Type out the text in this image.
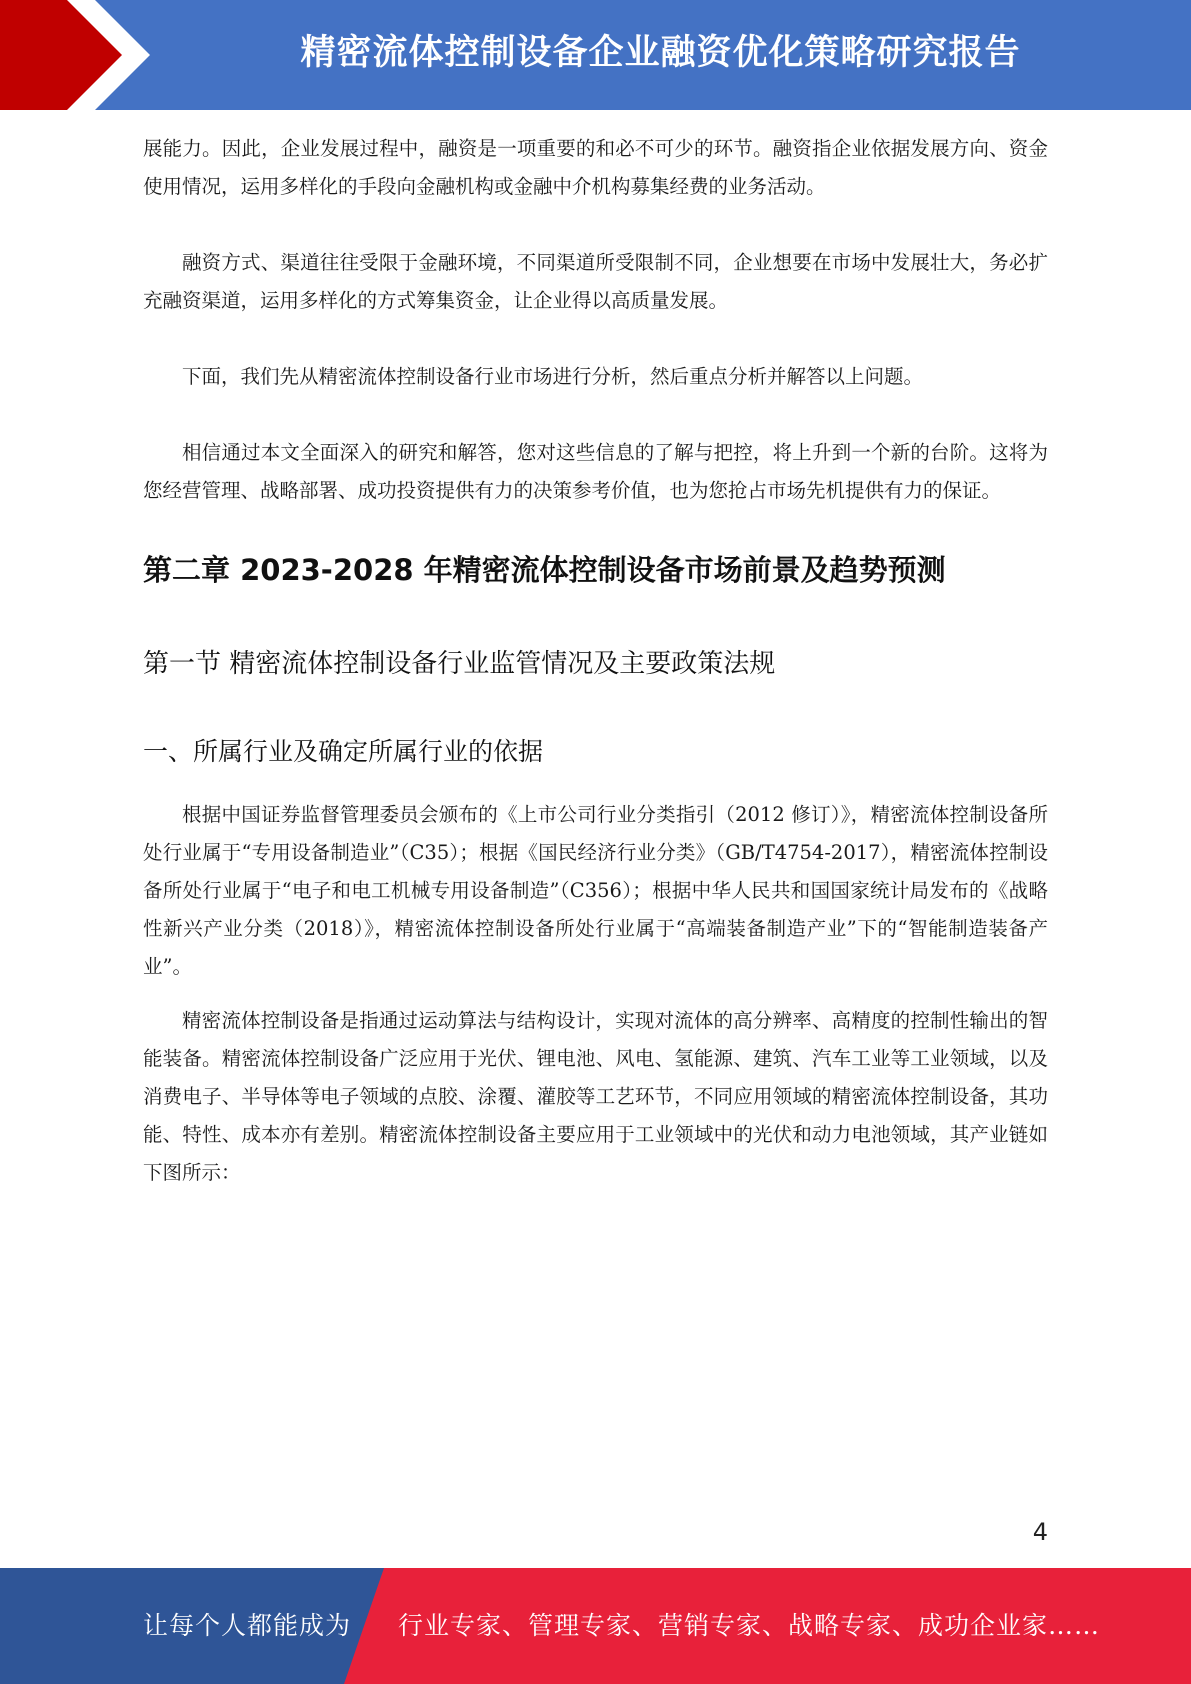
精密流体控制设备企业融资优化策略研究报告

展能力。因此，企业发展过程中，融资是一项重要的和必不可少的环节。融资指企业依据发展方向、资金使用情况，运用多样化的手段向金融机构或金融中介机构募集经费的业务活动。

融资方式、渠道往往受限于金融环境，不同渠道所受限制不同，企业想要在市场中发展壮大，务必扩充融资渠道，运用多样化的方式筹集资金，让企业得以高质量发展。

下面，我们先从精密流体控制设备行业市场进行分析，然后重点分析并解答以上问题。

相信通过本文全面深入的研究和解答，您对这些信息的了解与把控，将上升到一个新的台阶。这将为您经营管理、战略部署、成功投资提供有力的决策参考价值，也为您抢占市场先机提供有力的保证。

第二章 2023-2028 年精密流体控制设备市场前景及趋势预测
第一节 精密流体控制设备行业监管情况及主要政策法规
一、所属行业及确定所属行业的依据

根据中国证券监督管理委员会颁布的《上市公司行业分类指引（2012 修订）》，精密流体控制设备所处行业属于“专用设备制造业”（C35）；根据《国民经济行业分类》（GB/T4754-2017），精密流体控制设备所处行业属于“电子和电工机械专用设备制造”（C356）；根据中华人民共和国国家统计局发布的《战略性新兴产业分类（2018）》，精密流体控制设备所处行业属于“高端装备制造产业”下的“智能制造装备产业”。

精密流体控制设备是指通过运动算法与结构设计，实现对流体的高分辨率、高精度的控制性输出的智能装备。精密流体控制设备广泛应用于光伏、锂电池、风电、氢能源、建筑、汽车工业等工业领域，以及消费电子、半导体等电子领域的点胶、涂覆、灌胶等工艺环节，不同应用领域的精密流体控制设备，其功能、特性、成本亦有差别。精密流体控制设备主要应用于工业领域中的光伏和动力电池领域，其产业链如下图所示：

4
让每个人都能成为 行业专家、管理专家、营销专家、战略专家、成功企业家……
